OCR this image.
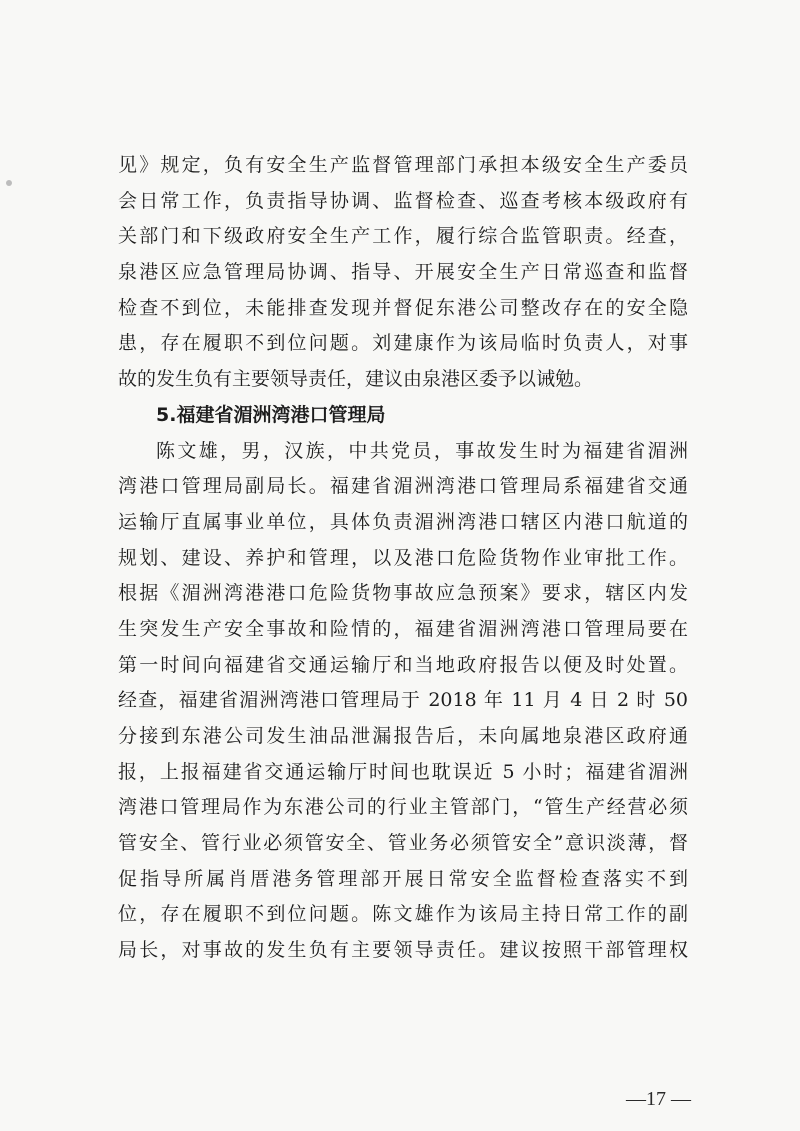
见》规定，负有安全生产监督管理部门承担本级安全生产委员
会日常工作，负责指导协调、监督检查、巡查考核本级政府有
关部门和下级政府安全生产工作，履行综合监管职责。经查，
泉港区应急管理局协调、指导、开展安全生产日常巡查和监督
检查不到位，未能排查发现并督促东港公司整改存在的安全隐
患，存在履职不到位问题。刘建康作为该局临时负责人，对事
故的发生负有主要领导责任，建议由泉港区委予以诫勉。
5.福建省湄洲湾港口管理局
陈文雄，男，汉族，中共党员，事故发生时为福建省湄洲
湾港口管理局副局长。福建省湄洲湾港口管理局系福建省交通
运输厅直属事业单位，具体负责湄洲湾港口辖区内港口航道的
规划、建设、养护和管理，以及港口危险货物作业审批工作。
根据《湄洲湾港港口危险货物事故应急预案》要求，辖区内发
生突发生产安全事故和险情的，福建省湄洲湾港口管理局要在
第一时间向福建省交通运输厅和当地政府报告以便及时处置。
经查，福建省湄洲湾港口管理局于 2018 年 11 月 4 日 2 时 50
分接到东港公司发生油品泄漏报告后，未向属地泉港区政府通
报，上报福建省交通运输厅时间也耽误近 5 小时；福建省湄洲
湾港口管理局作为东港公司的行业主管部门，“管生产经营必须
管安全、管行业必须管安全、管业务必须管安全”意识淡薄，督
促指导所属肖厝港务管理部开展日常安全监督检查落实不到
位，存在履职不到位问题。陈文雄作为该局主持日常工作的副
局长，对事故的发生负有主要领导责任。建议按照干部管理权
—17 —
